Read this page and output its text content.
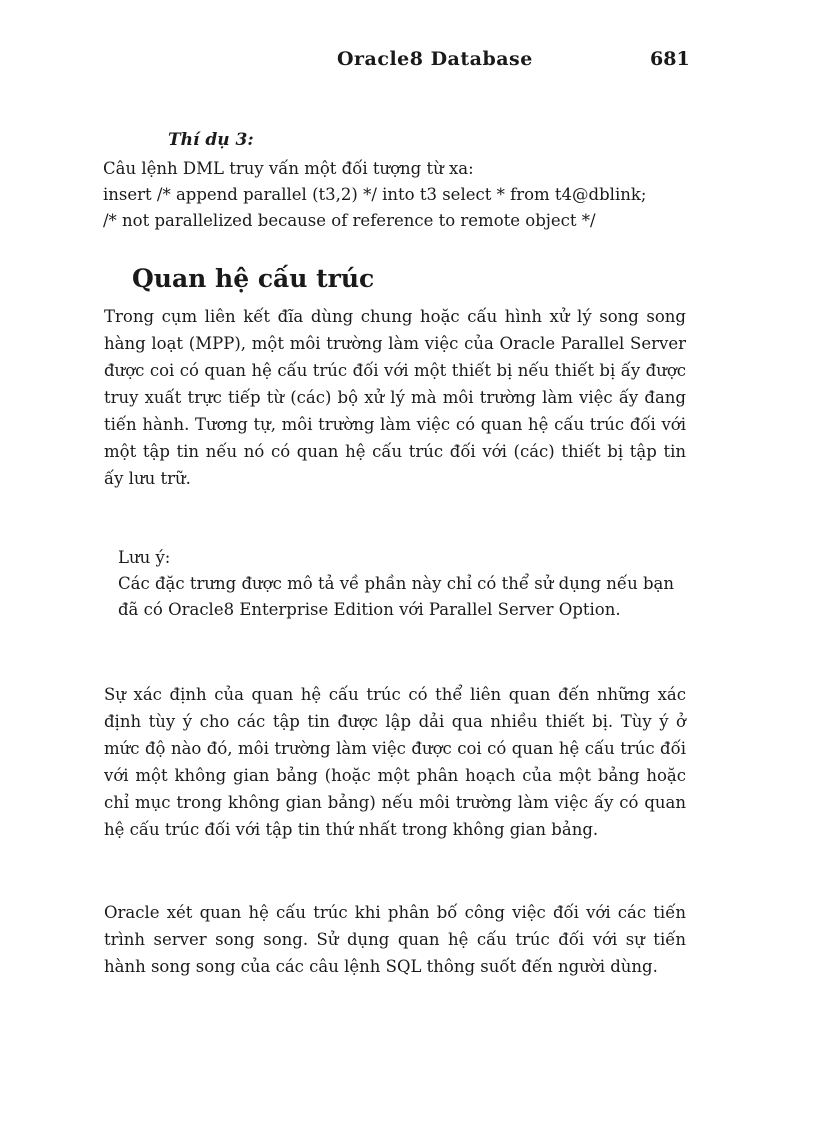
Oracle8 Database	681
Thí dụ 3:
Câu lệnh DML truy vấn một đối tượng từ xa:
insert /* append parallel (t3,2) */ into t3 select * from t4@dblink;
/* not parallelized because of reference to remote object */
Quan hệ cấu trúc
Trong cụm liên kết đĩa dùng chung hoặc cấu hình xử lý song song hàng loạt (MPP), một môi trường làm việc của Oracle Parallel Server được coi có quan hệ cấu trúc đối với một thiết bị nếu thiết bị ấy được truy xuất trực tiếp từ (các) bộ xử lý mà môi trường làm việc ấy đang tiến hành. Tương tự, môi trường làm việc có quan hệ cấu trúc đối với một tập tin nếu nó có quan hệ cấu trúc đối với (các) thiết bị tập tin ấy lưu trữ.
Lưu ý:
Các đặc trưng được mô tả về phần này chỉ có thể sử dụng nếu bạn đã có Oracle8 Enterprise Edition với Parallel Server Option.
Sự xác định của quan hệ cấu trúc có thể liên quan đến những xác định tùy ý cho các tập tin được lập dải qua nhiều thiết bị. Tùy ý ở mức độ nào đó, môi trường làm việc được coi có quan hệ cấu trúc đối với một không gian bảng (hoặc một phân hoạch của một bảng hoặc chỉ mục trong không gian bảng) nếu môi trường làm việc ấy có quan hệ cấu trúc đối với tập tin thứ nhất trong không gian bảng.
Oracle xét quan hệ cấu trúc khi phân bố công việc đối với các tiến trình server song song. Sử dụng quan hệ cấu trúc đối với sự tiến hành song song của các câu lệnh SQL thông suốt đến người dùng.
